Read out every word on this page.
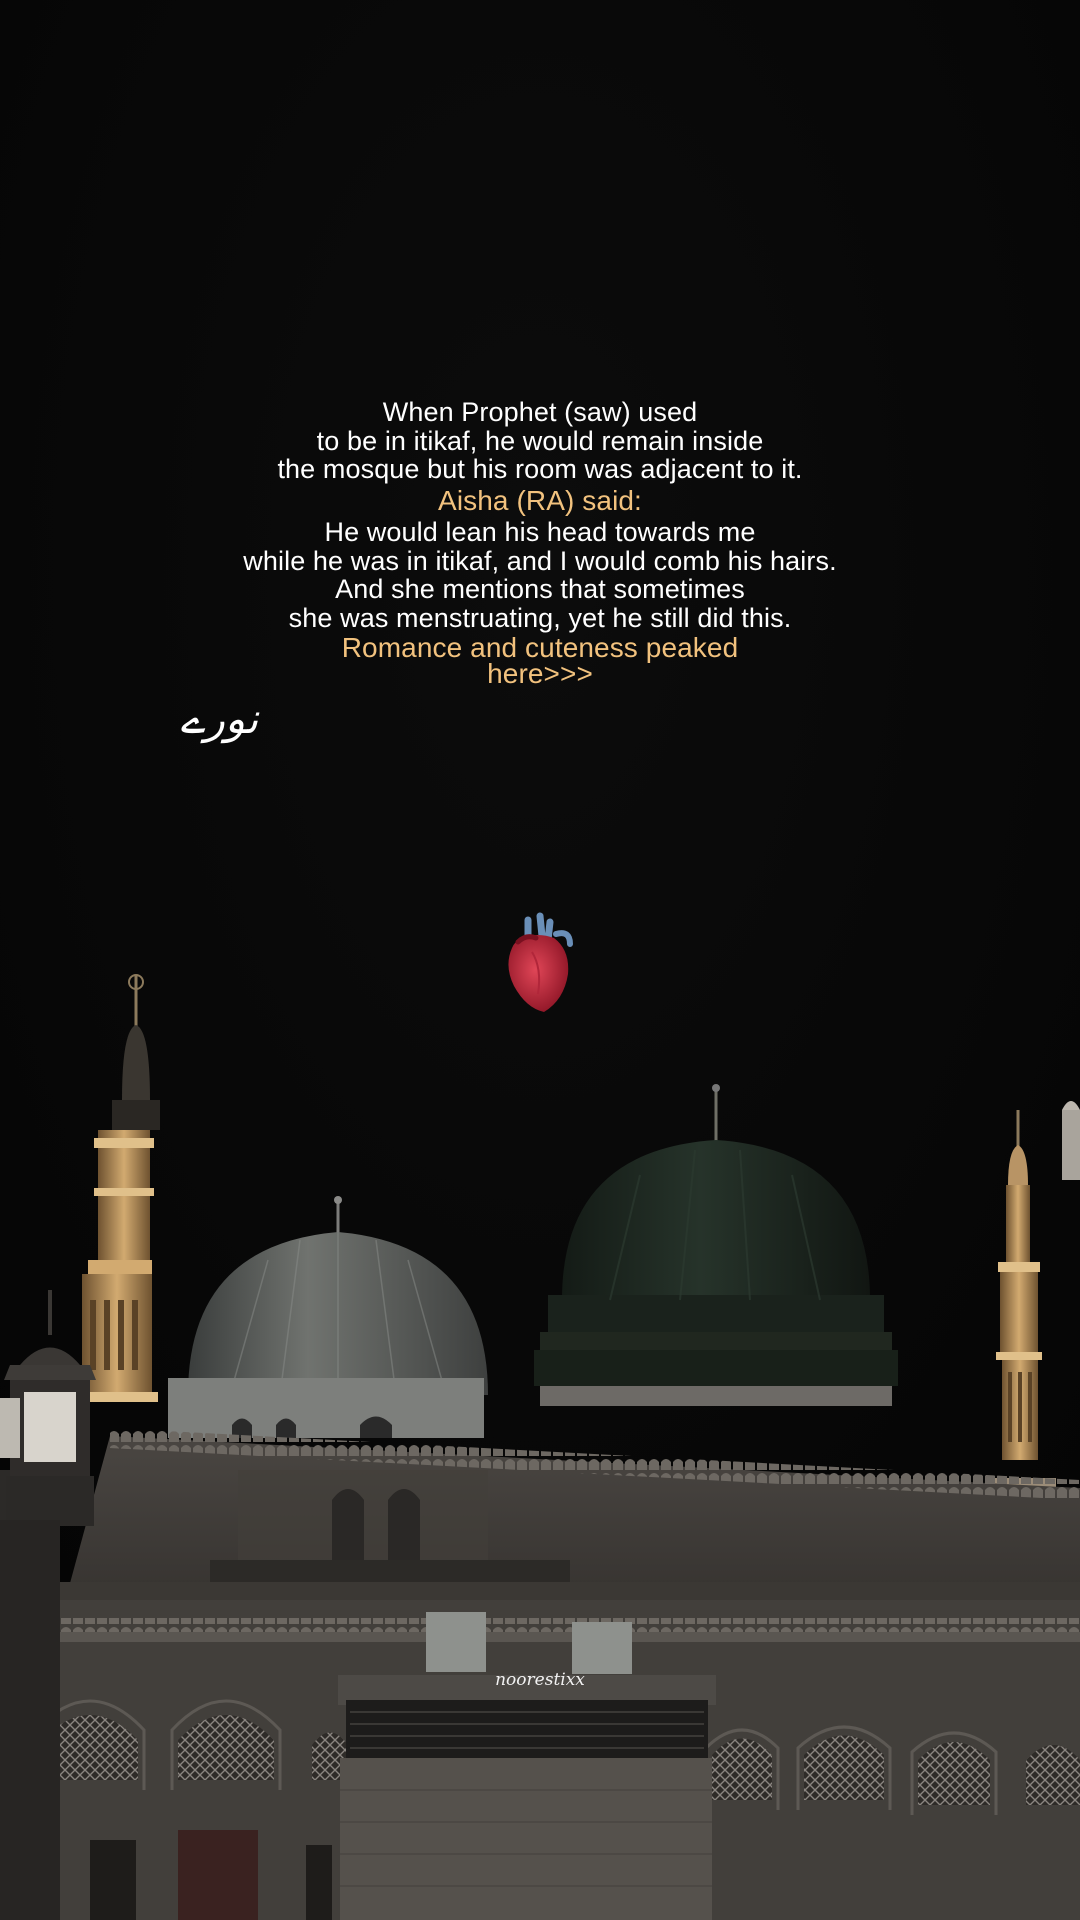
When Prophet (saw) used
to be in itikaf, he would remain inside
the mosque but his room was adjacent to it.
Aisha (RA) said:
He would lean his head towards me
while he was in itikaf, and I would comb his hairs.
And she mentions that sometimes
she was menstruating, yet he still did this.
Romance and cuteness peaked
here>>>
نورے
noorestixx
